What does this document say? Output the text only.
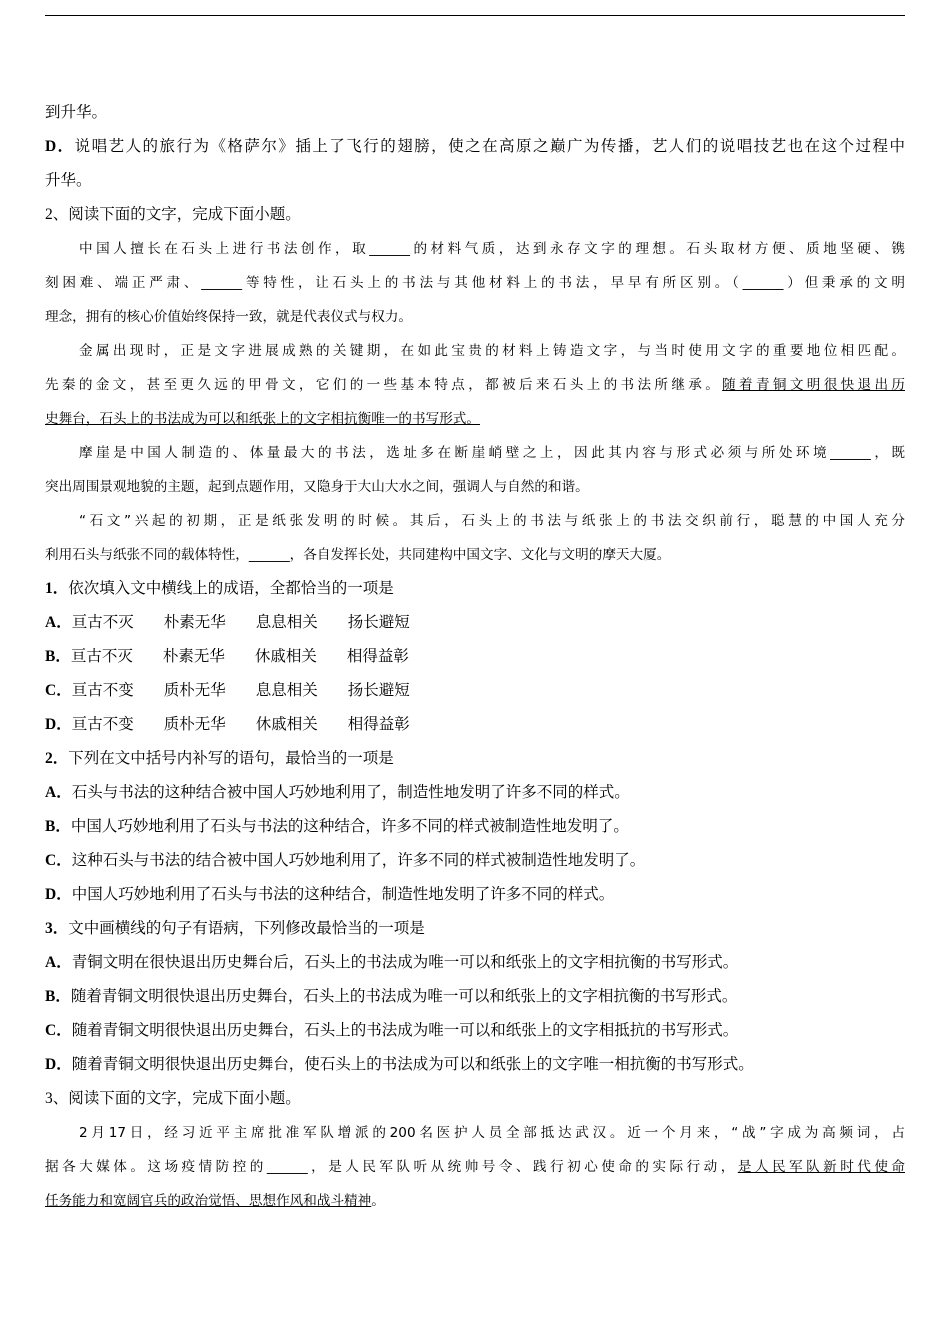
到升华。
D．说唱艺人的旅行为《格萨尔》插上了飞行的翅膀，使之在高原之巅广为传播，艺人们的说唱技艺也在这个过程中
升华。
2、阅读下面的文字，完成下面小题。
中国人擅长在石头上进行书法创作，取______的材料气质，达到永存文字的理想。石头取材方便、质地坚硬、镌
刻困难、端正严肃、______等特性，让石头上的书法与其他材料上的书法，早早有所区别。（______）但秉承的文明
理念，拥有的核心价值始终保持一致，就是代表仪式与权力。
金属出现时，正是文字进展成熟的关键期，在如此宝贵的材料上铸造文字，与当时使用文字的重要地位相匹配。
先秦的金文，甚至更久远的甲骨文，它们的一些基本特点，都被后来石头上的书法所继承。随着青铜文明很快退出历
史舞台，石头上的书法成为可以和纸张上的文字相抗衡唯一的书写形式。
摩崖是中国人制造的、体量最大的书法，选址多在断崖峭壁之上，因此其内容与形式必须与所处环境______，既
突出周围景观地貌的主题，起到点题作用，又隐身于大山大水之间，强调人与自然的和谐。
“石文”兴起的初期，正是纸张发明的时候。其后，石头上的书法与纸张上的书法交织前行，聪慧的中国人充分
利用石头与纸张不同的载体特性，______，各自发挥长处，共同建构中国文字、文化与文明的摩天大厦。
1．依次填入文中横线上的成语，全都恰当的一项是
A．亘古不灭 朴素无华 息息相关 扬长避短
B．亘古不灭 朴素无华 休戚相关 相得益彰
C．亘古不变 质朴无华 息息相关 扬长避短
D．亘古不变 质朴无华 休戚相关 相得益彰
2．下列在文中括号内补写的语句，最恰当的一项是
A．石头与书法的这种结合被中国人巧妙地利用了，制造性地发明了许多不同的样式。
B．中国人巧妙地利用了石头与书法的这种结合，许多不同的样式被制造性地发明了。
C．这种石头与书法的结合被中国人巧妙地利用了，许多不同的样式被制造性地发明了。
D．中国人巧妙地利用了石头与书法的这种结合，制造性地发明了许多不同的样式。
3．文中画横线的句子有语病，下列修改最恰当的一项是
A．青铜文明在很快退出历史舞台后，石头上的书法成为唯一可以和纸张上的文字相抗衡的书写形式。
B．随着青铜文明很快退出历史舞台，石头上的书法成为唯一可以和纸张上的文字相抗衡的书写形式。
C．随着青铜文明很快退出历史舞台，石头上的书法成为唯一可以和纸张上的文字相抵抗的书写形式。
D．随着青铜文明很快退出历史舞台，使石头上的书法成为可以和纸张上的文字唯一相抗衡的书写形式。
3、阅读下面的文字，完成下面小题。
2月17日，经习近平主席批准军队增派的200名医护人员全部抵达武汉。近一个月来，“战”字成为高频词，占
据各大媒体。这场疫情防控的______，是人民军队听从统帅号令、践行初心使命的实际行动，是人民军队新时代使命
任务能力和宽阔官兵的政治觉悟、思想作风和战斗精神。
